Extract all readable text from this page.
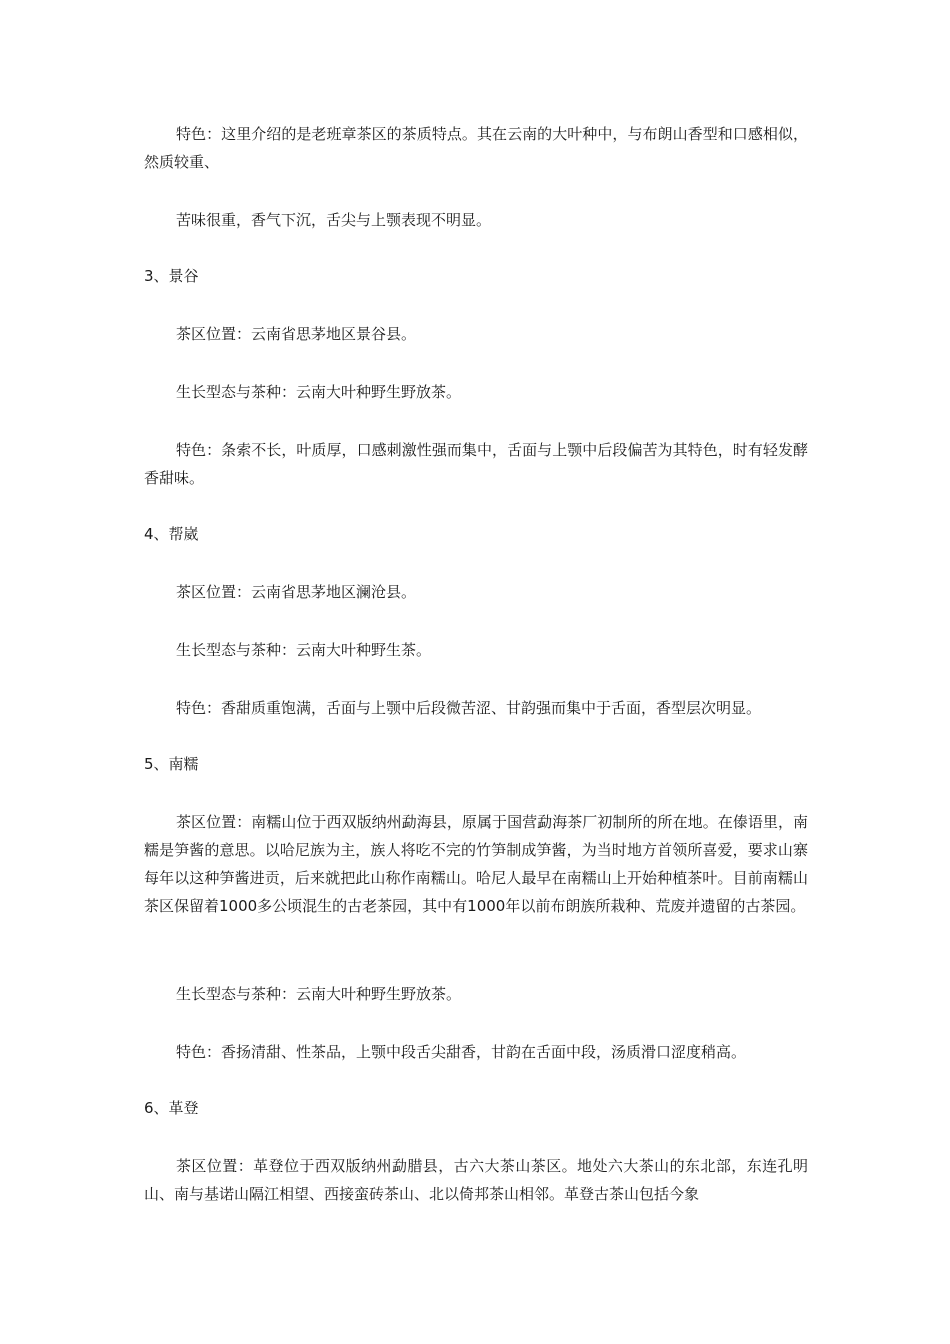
特色：这里介绍的是老班章茶区的茶质特点。其在云南的大叶种中，与布朗山香型和口感相似，然质较重、

苦味很重，香气下沉，舌尖与上颚表现不明显。

3、景谷

茶区位置：云南省思茅地区景谷县。

生长型态与茶种：云南大叶种野生野放茶。

特色：条索不长，叶质厚，口感刺激性强而集中，舌面与上颚中后段偏苦为其特色，时有轻发酵香甜味。

4、帮崴

茶区位置：云南省思茅地区澜沧县。

生长型态与茶种：云南大叶种野生茶。

特色：香甜质重饱满，舌面与上颚中后段微苦涩、甘韵强而集中于舌面，香型层次明显。

5、南糯

茶区位置：南糯山位于西双版纳州勐海县，原属于国营勐海茶厂初制所的所在地。在傣语里，南糯是笋酱的意思。以哈尼族为主，族人将吃不完的竹笋制成笋酱，为当时地方首领所喜爱，要求山寨每年以这种笋酱进贡，后来就把此山称作南糯山。哈尼人最早在南糯山上开始种植茶叶。目前南糯山茶区保留着1000多公顷混生的古老茶园，其中有1000年以前布朗族所栽种、荒废并遗留的古茶园。

生长型态与茶种：云南大叶种野生野放茶。

特色：香扬清甜、性茶品，上颚中段舌尖甜香，甘韵在舌面中段，汤质滑口涩度稍高。

6、革登

茶区位置：革登位于西双版纳州勐腊县，古六大茶山茶区。地处六大茶山的东北部，东连孔明山、南与基诺山隔江相望、西接蛮砖茶山、北以倚邦茶山相邻。革登古茶山包括今象
